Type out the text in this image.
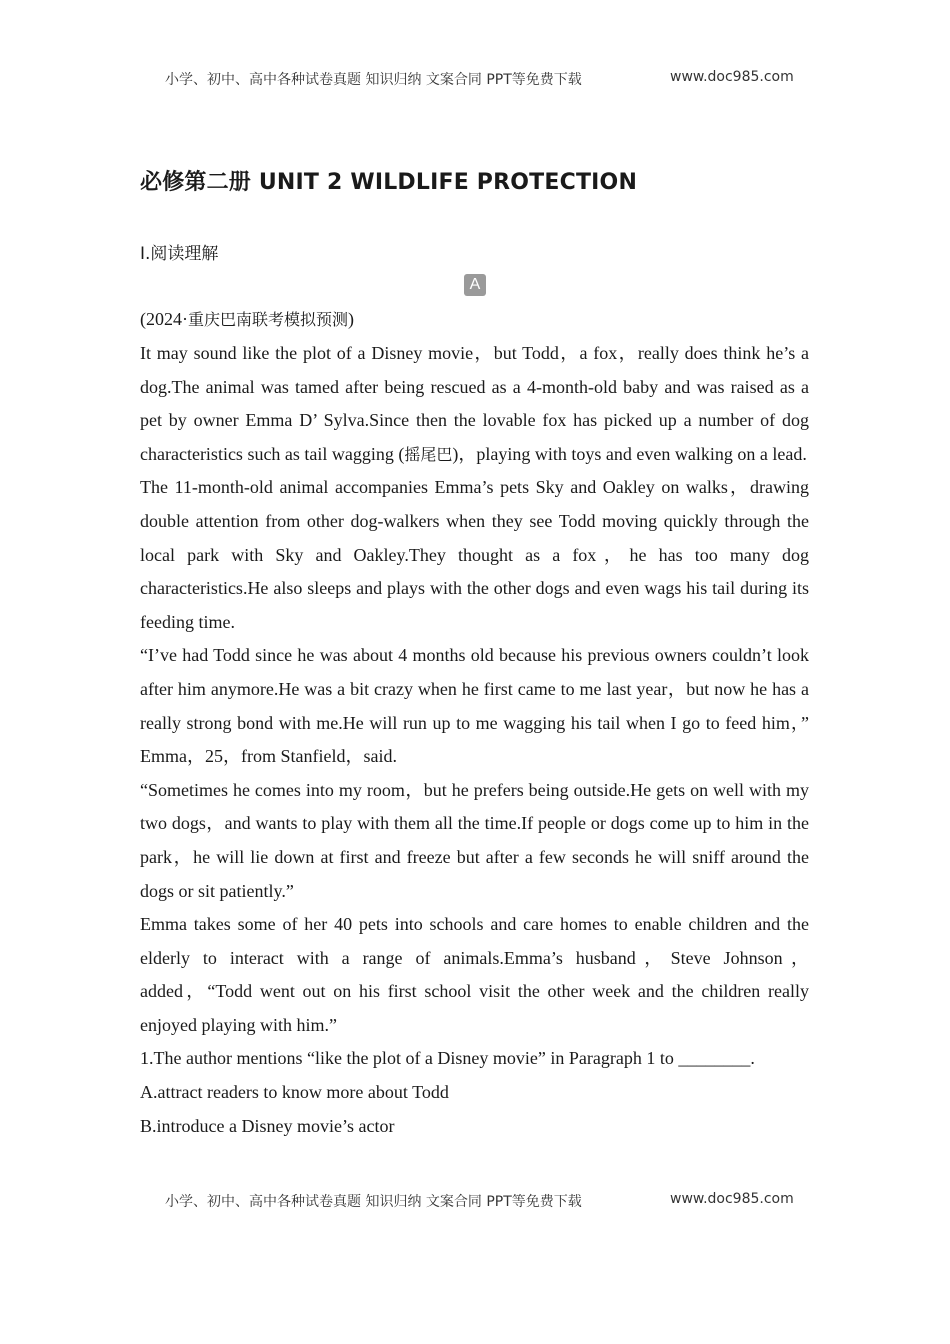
小学、初中、高中各种试卷真题 知识归纳 文案合同 PPT等免费下载	www.doc985.com
必修第二册 UNIT 2 WILDLIFE PROTECTION
Ⅰ.阅读理解
A
(2024·重庆巴南联考模拟预测)

It may sound like the plot of a Disney movie，but Todd，a fox，really does think he’s a dog.The animal was tamed after being rescued as a 4-month-old baby and was raised as a pet by owner Emma D’ Sylva.Since then the lovable fox has picked up a number of dog characteristics such as tail wagging (摇尾巴)，playing with toys and even walking on a lead.

The 11-month-old animal accompanies Emma’s pets Sky and Oakley on walks，drawing double attention from other dog-walkers when they see Todd moving quickly through the local park with Sky and Oakley.They thought as a fox，he has too many dog characteristics.He also sleeps and plays with the other dogs and even wags his tail during its feeding time.

“I’ve had Todd since he was about 4 months old because his previous owners couldn’t look after him anymore.He was a bit crazy when he first came to me last year，but now he has a really strong bond with me.He will run up to me wagging his tail when I go to feed him，” Emma，25，from Stanfield，said.

“Sometimes he comes into my room，but he prefers being outside.He gets on well with my two dogs，and wants to play with them all the time.If people or dogs come up to him in the park，he will lie down at first and freeze but after a few seconds he will sniff around the dogs or sit patiently.”

Emma takes some of her 40 pets into schools and care homes to enable children and the elderly to interact with a range of animals.Emma’s husband，Steve Johnson，added，“Todd went out on his first school visit the other week and the children really enjoyed playing with him.”

1.The author mentions “like the plot of a Disney movie” in Paragraph 1 to ________.

A.attract readers to know more about Todd

B.introduce a Disney movie’s actor

小学、初中、高中各种试卷真题 知识归纳 文案合同 PPT等免费下载	www.doc985.com
